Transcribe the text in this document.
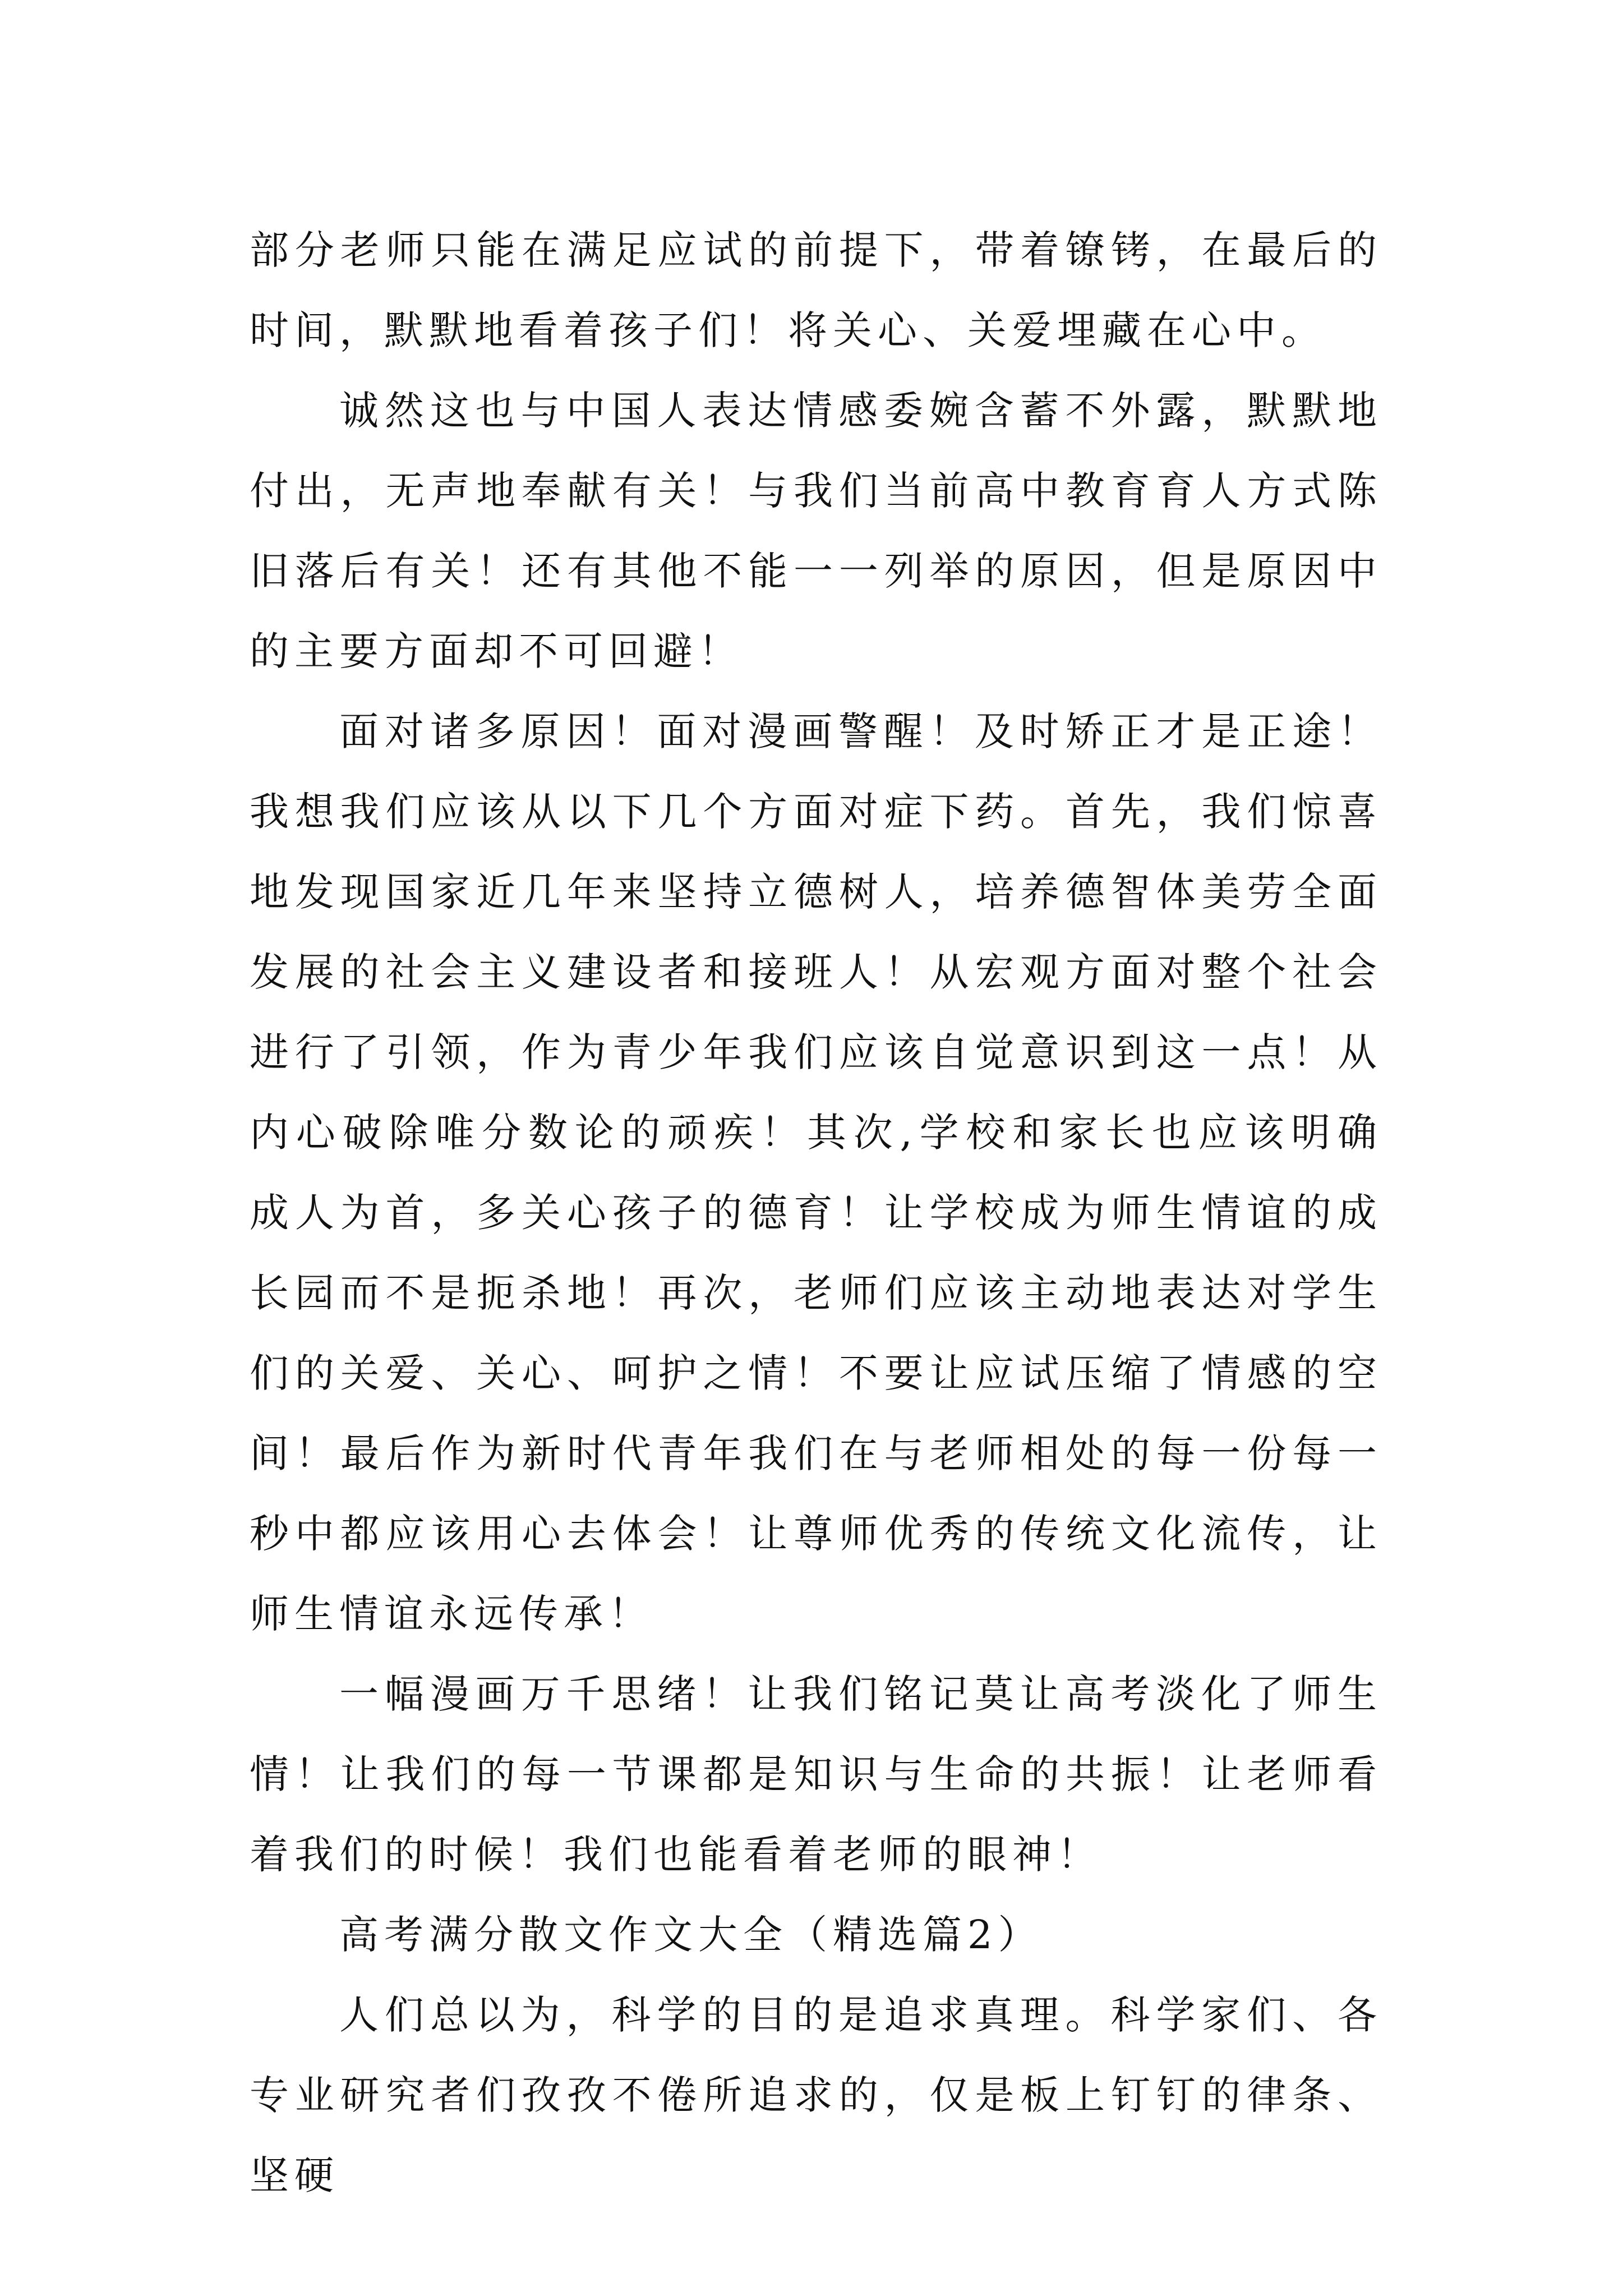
部分老师只能在满足应试的前提下，带着镣铐，在最后的时间，默默地看着孩子们！将关心、关爱埋藏在心中。

诚然这也与中国人表达情感委婉含蓄不外露，默默地付出，无声地奉献有关！与我们当前高中教育育人方式陈旧落后有关！还有其他不能一一列举的原因，但是原因中的主要方面却不可回避！

面对诸多原因！面对漫画警醒！及时矫正才是正途！我想我们应该从以下几个方面对症下药。首先，我们惊喜地发现国家近几年来坚持立德树人，培养德智体美劳全面发展的社会主义建设者和接班人！从宏观方面对整个社会进行了引领，作为青少年我们应该自觉意识到这一点！从内心破除唯分数论的顽疾！其次,学校和家长也应该明确成人为首，多关心孩子的德育！让学校成为师生情谊的成长园而不是扼杀地！再次，老师们应该主动地表达对学生们的关爱、关心、呵护之情！不要让应试压缩了情感的空间！最后作为新时代青年我们在与老师相处的每一份每一秒中都应该用心去体会！让尊师优秀的传统文化流传，让师生情谊永远传承！

一幅漫画万千思绪！让我们铭记莫让高考淡化了师生情！让我们的每一节课都是知识与生命的共振！让老师看着我们的时候！我们也能看着老师的眼神！

高考满分散文作文大全（精选篇2）

人们总以为，科学的目的是追求真理。科学家们、各专业研究者们孜孜不倦所追求的，仅是板上钉钉的律条、坚硬
